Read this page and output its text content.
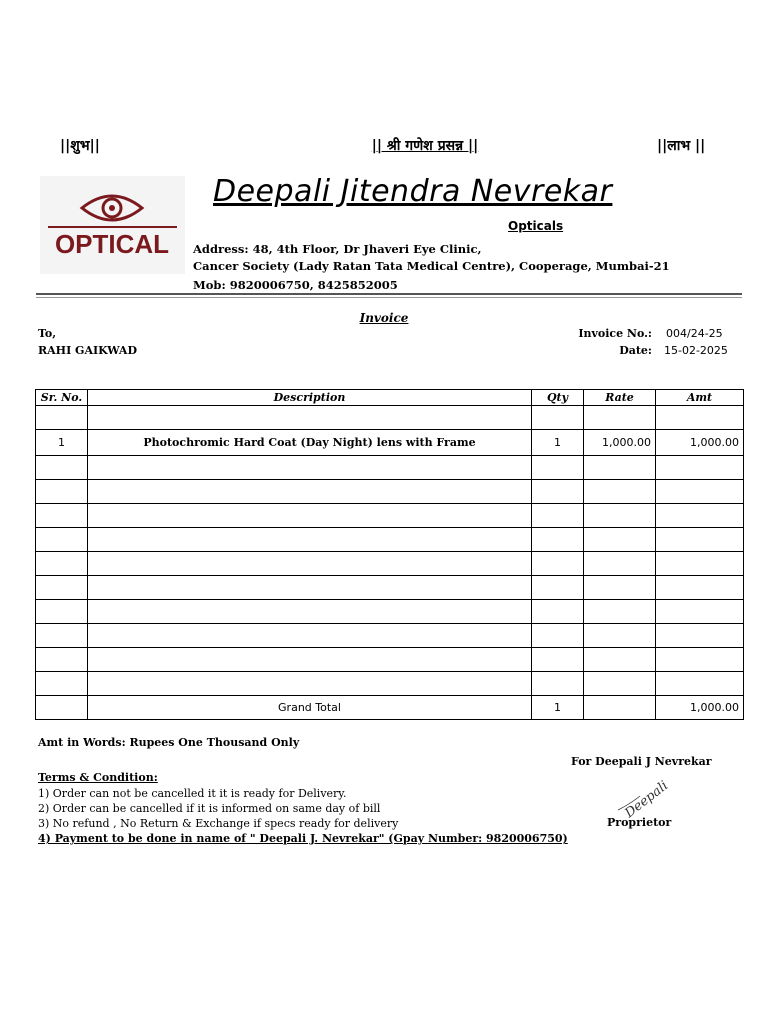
||शुभ||	|| श्री गणेश प्रसन्न ||	||लाभ ||
OPTICAL
Deepali Jitendra Nevrekar
Opticals
Address: 48, 4th Floor, Dr Jhaveri Eye Clinic,
Cancer Society (Lady Ratan Tata Medical Centre), Cooperage, Mumbai-21
Mob: 9820006750, 8425852005
Invoice
To,
RAHI GAIKWAD
Invoice No.: 004/24-25
Date: 15-02-2025
Sr. No.	Description	Qty	Rate	Amt

1	Photochromic Hard Coat (Day Night) lens with Frame	1	1,000.00	1,000.00

	Grand Total	1		1,000.00
Amt in Words: Rupees One Thousand Only
Terms & Condition:
1) Order can not be cancelled it it is ready for Delivery.
2) Order can be cancelled if it is informed on same day of bill
3) No refund , No Return & Exchange if specs ready for delivery
4) Payment to be done in name of " Deepali J. Nevrekar" (Gpay Number: 9820006750)
For Deepali J Nevrekar
Deepali
Proprietor
